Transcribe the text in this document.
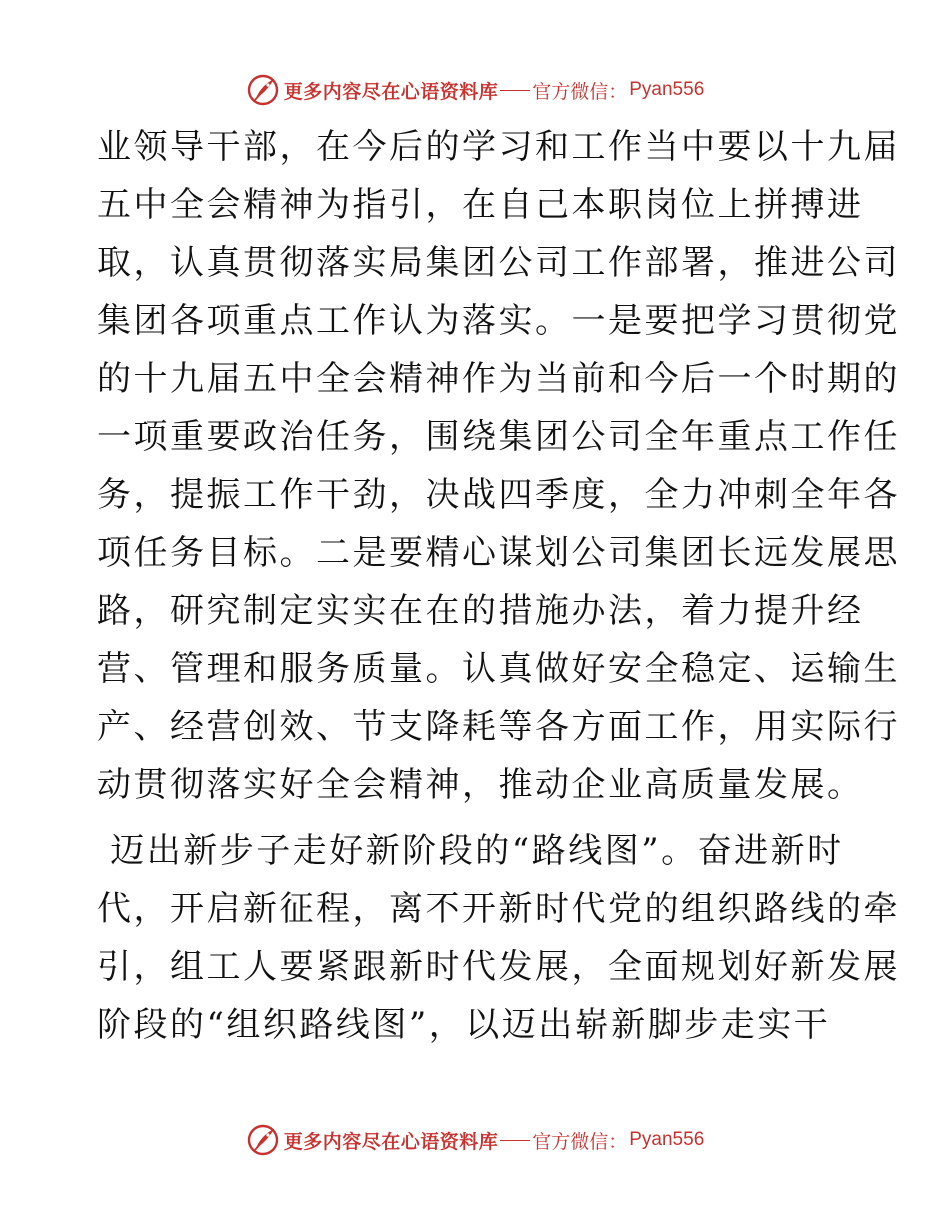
更多内容尽在心语资料库 官方微信： Pyan556
业领导干部，在今后的学习和工作当中要以十九届
五中全会精神为指引，在自己本职岗位上拼搏进
取，认真贯彻落实局集团公司工作部署，推进公司
集团各项重点工作认为落实。一是要把学习贯彻党
的十九届五中全会精神作为当前和今后一个时期的
一项重要政治任务，围绕集团公司全年重点工作任
务，提振工作干劲，决战四季度，全力冲刺全年各
项任务目标。二是要精心谋划公司集团长远发展思
路，研究制定实实在在的措施办法，着力提升经
营、管理和服务质量。认真做好安全稳定、运输生
产、经营创效、节支降耗等各方面工作，用实际行
动贯彻落实好全会精神，推动企业高质量发展。
迈出新步子走好新阶段的“路线图”。奋进新时
代，开启新征程，离不开新时代党的组织路线的牵
引，组工人要紧跟新时代发展，全面规划好新发展
阶段的“组织路线图”，以迈出崭新脚步走实干
更多内容尽在心语资料库 官方微信： Pyan556
